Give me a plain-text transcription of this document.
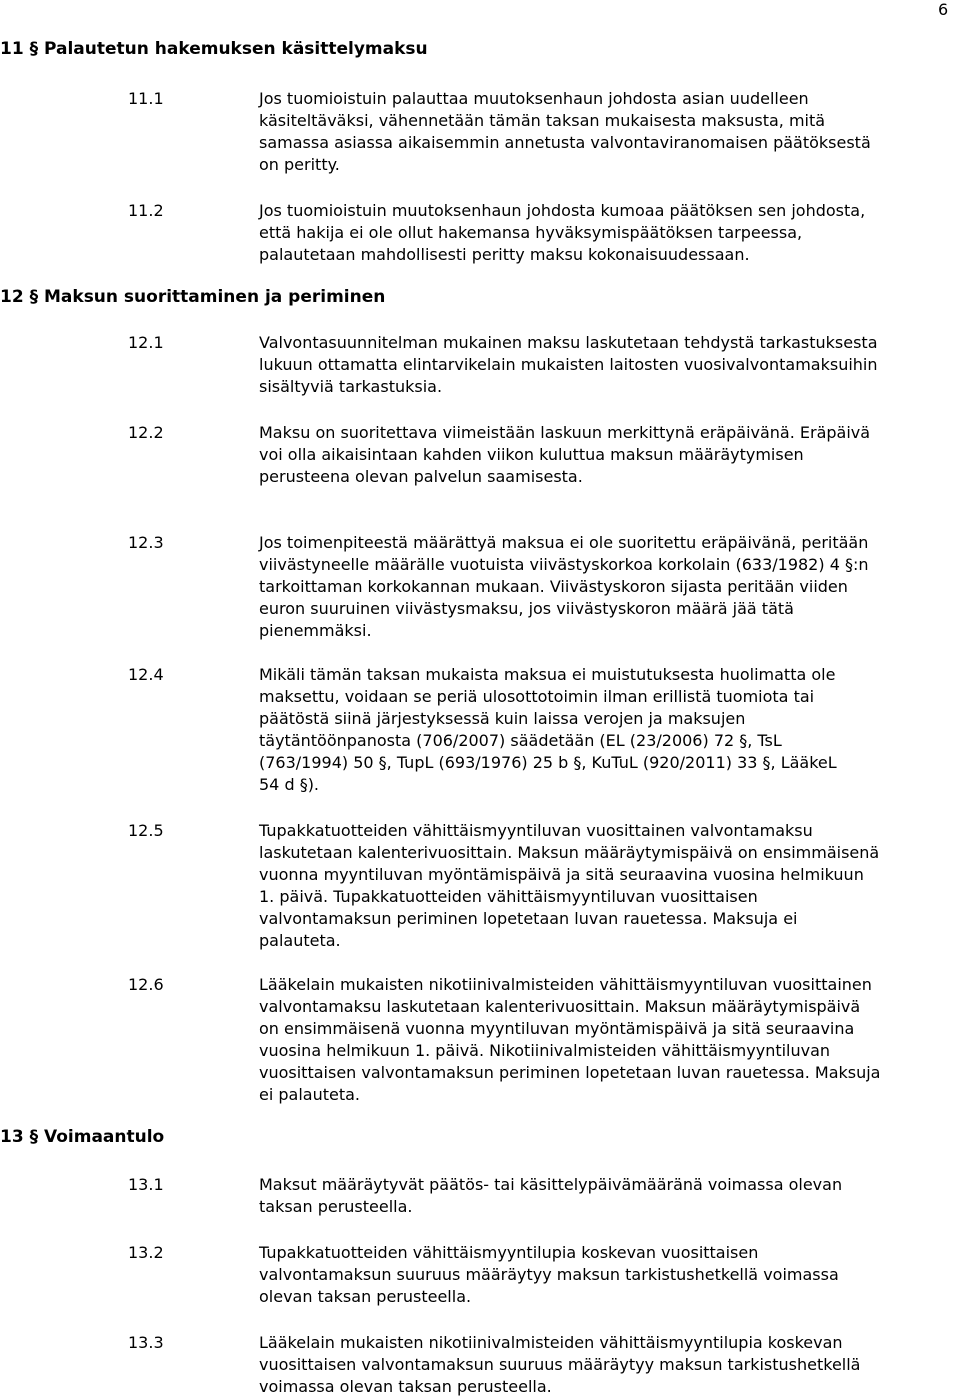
6
11 § Palautetun hakemuksen käsittelymaksu
11.1	Jos tuomioistuin palauttaa muutoksenhaun johdosta asian uudelleen
käsiteltäväksi, vähennetään tämän taksan mukaisesta maksusta, mitä
samassa asiassa aikaisemmin annetusta valvontaviranomaisen päätöksestä
on peritty.
11.2	Jos tuomioistuin muutoksenhaun johdosta kumoaa päätöksen sen johdosta,
että hakija ei ole ollut hakemansa hyväksymispäätöksen tarpeessa,
palautetaan mahdollisesti peritty maksu kokonaisuudessaan.
12 § Maksun suorittaminen ja periminen
12.1	Valvontasuunnitelman mukainen maksu laskutetaan tehdystä tarkastuksesta
lukuun ottamatta elintarvikelain mukaisten laitosten vuosivalvontamaksuihin
sisältyviä tarkastuksia.
12.2	Maksu on suoritettava viimeistään laskuun merkittynä eräpäivänä. Eräpäivä
voi olla aikaisintaan kahden viikon kuluttua maksun määräytymisen
perusteena olevan palvelun saamisesta.
12.3	Jos toimenpiteestä määrättyä maksua ei ole suoritettu eräpäivänä, peritään
viivästyneelle määrälle vuotuista viivästyskorkoa korkolain (633/1982) 4 §:n
tarkoittaman korkokannan mukaan. Viivästyskoron sijasta peritään viiden
euron suuruinen viivästysmaksu, jos viivästyskoron määrä jää tätä
pienemmäksi.
12.4	Mikäli tämän taksan mukaista maksua ei muistutuksesta huolimatta ole
maksettu, voidaan se periä ulosottotoimin ilman erillistä tuomiota tai
päätöstä siinä järjestyksessä kuin laissa verojen ja maksujen
täytäntöönpanosta (706/2007) säädetään (EL (23/2006) 72 §, TsL
(763/1994) 50 §, TupL (693/1976) 25 b §, KuTuL (920/2011) 33 §, LääkeL
54 d §).
12.5	Tupakkatuotteiden vähittäismyyntiluvan vuosittainen valvontamaksu
laskutetaan kalenterivuosittain. Maksun määräytymispäivä on ensimmäisenä
vuonna myyntiluvan myöntämispäivä ja sitä seuraavina vuosina helmikuun
1. päivä. Tupakkatuotteiden vähittäismyyntiluvan vuosittaisen
valvontamaksun periminen lopetetaan luvan rauetessa. Maksuja ei
palauteta.
12.6	Lääkelain mukaisten nikotiinivalmisteiden vähittäismyyntiluvan vuosittainen
valvontamaksu laskutetaan kalenterivuosittain. Maksun määräytymispäivä
on ensimmäisenä vuonna myyntiluvan myöntämispäivä ja sitä seuraavina
vuosina helmikuun 1. päivä. Nikotiinivalmisteiden vähittäismyyntiluvan
vuosittaisen valvontamaksun periminen lopetetaan luvan rauetessa. Maksuja
ei palauteta.
13 § Voimaantulo
13.1	Maksut määräytyvät päätös- tai käsittelypäivämääränä voimassa olevan
taksan perusteella.
13.2	Tupakkatuotteiden vähittäismyyntilupia koskevan vuosittaisen
valvontamaksun suuruus määräytyy maksun tarkistushetkellä voimassa
olevan taksan perusteella.
13.3	Lääkelain mukaisten nikotiinivalmisteiden vähittäismyyntilupia koskevan
vuosittaisen valvontamaksun suuruus määräytyy maksun tarkistushetkellä
voimassa olevan taksan perusteella.
